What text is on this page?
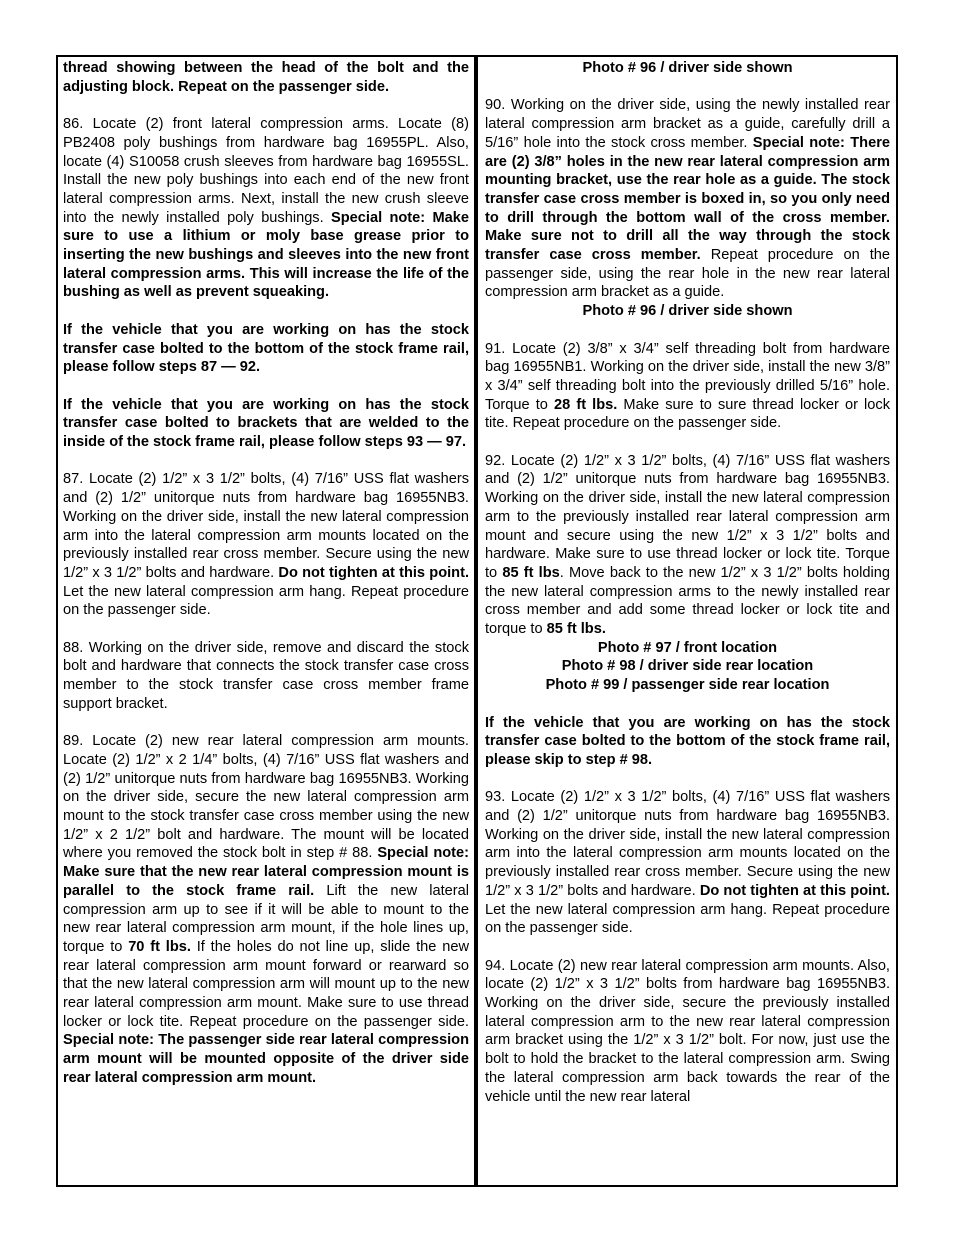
thread showing between the head of the bolt and the adjusting block. Repeat on the passenger side.

86. Locate (2) front lateral compression arms. Locate (8) PB2408 poly bushings from hardware bag 16955PL. Also, locate (4) S10058 crush sleeves from hardware bag 16955SL. Install the new poly bushings into each end of the new front lateral compression arms. Next, install the new crush sleeve into the newly installed poly bushings. Special note: Make sure to use a lithium or moly base grease prior to inserting the new bushings and sleeves into the new front lateral compression arms. This will increase the life of the bushing as well as prevent squeaking.

If the vehicle that you are working on has the stock transfer case bolted to the bottom of the stock frame rail, please follow steps 87 — 92.

If the vehicle that you are working on has the stock transfer case bolted to brackets that are welded to the inside of the stock frame rail, please follow steps 93 — 97.

87. Locate (2) 1/2” x 3 1/2” bolts, (4) 7/16” USS flat washers and (2) 1/2” unitorque nuts from hardware bag 16955NB3. Working on the driver side, install the new lateral compression arm into the lateral compression arm mounts located on the previously installed rear cross member. Secure using the new 1/2” x 3 1/2” bolts and hardware. Do not tighten at this point. Let the new lateral compression arm hang. Repeat procedure on the passenger side.

88. Working on the driver side, remove and discard the stock bolt and hardware that connects the stock transfer case cross member to the stock transfer case cross member frame support bracket.

89. Locate (2) new rear lateral compression arm mounts. Locate (2) 1/2” x 2 1/4” bolts, (4) 7/16” USS flat washers and (2) 1/2” unitorque nuts from hardware bag 16955NB3. Working on the driver side, secure the new lateral compression arm mount to the stock transfer case cross member using the new 1/2” x 2 1/2” bolt and hardware. The mount will be located where you removed the stock bolt in step # 88. Special note: Make sure that the new rear lateral compression mount is parallel to the stock frame rail. Lift the new lateral compression arm up to see if it will be able to mount to the new rear lateral compression arm mount, if the hole lines up, torque to 70 ft lbs. If the holes do not line up, slide the new rear lateral compression arm mount forward or rearward so that the new lateral compression arm will mount up to the new rear lateral compression arm mount. Make sure to use thread locker or lock tite. Repeat procedure on the passenger side. Special note: The passenger side rear lateral compression arm mount will be mounted opposite of the driver side rear lateral compression arm mount.

Photo # 96 / driver side shown

90. Working on the driver side, using the newly installed rear lateral compression arm bracket as a guide, carefully drill a 5/16” hole into the stock cross member. Special note: There are (2) 3/8” holes in the new rear lateral compression arm mounting bracket, use the rear hole as a guide. The stock transfer case cross member is boxed in, so you only need to drill through the bottom wall of the cross member. Make sure not to drill all the way through the stock transfer case cross member. Repeat procedure on the passenger side, using the rear hole in the new rear lateral compression arm bracket as a guide.

Photo # 96 / driver side shown

91. Locate (2) 3/8” x 3/4” self threading bolt from hardware bag 16955NB1. Working on the driver side, install the new 3/8” x 3/4” self threading bolt into the previously drilled 5/16” hole. Torque to 28 ft lbs. Make sure to sure thread locker or lock tite. Repeat procedure on the passenger side.

92. Locate (2) 1/2” x 3 1/2” bolts, (4) 7/16” USS flat washers and (2) 1/2” unitorque nuts from hardware bag 16955NB3. Working on the driver side, install the new lateral compression arm to the previously installed rear lateral compression arm mount and secure using the new 1/2” x 3 1/2” bolts and hardware. Make sure to use thread locker or lock tite. Torque to 85 ft lbs. Move back to the new 1/2” x 3 1/2” bolts holding the new lateral compression arms to the newly installed rear cross member and add some thread locker or lock tite and torque to 85 ft lbs.

Photo # 97 / front location

Photo # 98 / driver side rear location

Photo # 99 / passenger side rear location

If the vehicle that you are working on has the stock transfer case bolted to the bottom of the stock frame rail, please skip to step # 98.

93. Locate (2) 1/2” x 3 1/2” bolts, (4) 7/16” USS flat washers and (2) 1/2” unitorque nuts from hardware bag 16955NB3. Working on the driver side, install the new lateral compression arm into the lateral compression arm mounts located on the previously installed rear cross member. Secure using the new 1/2” x 3 1/2” bolts and hardware. Do not tighten at this point. Let the new lateral compression arm hang. Repeat procedure on the passenger side.

94. Locate (2) new rear lateral compression arm mounts. Also, locate (2) 1/2” x 3 1/2” bolts from hardware bag 16955NB3. Working on the driver side, secure the previously installed lateral compression arm to the new rear lateral compression arm bracket using the 1/2” x 3 1/2” bolt. For now, just use the bolt to hold the bracket to the lateral compression arm. Swing the lateral compression arm back towards the rear of the vehicle until the new rear lateral
